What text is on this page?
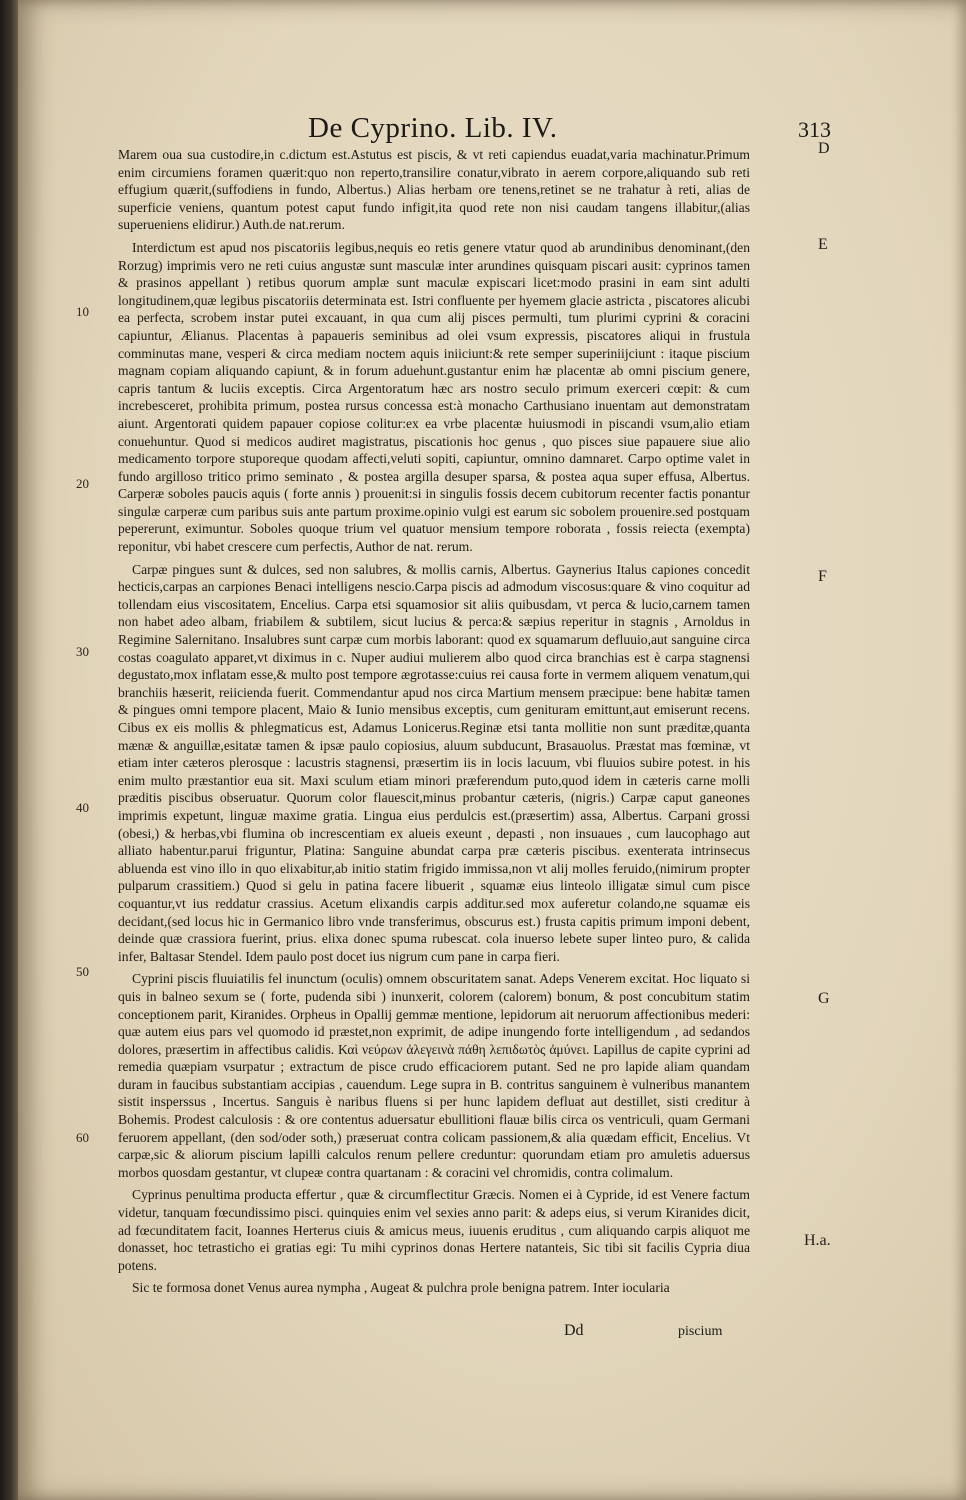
De Cyprino. Lib. IV.	313
D
E
F
G
H.a.
10
20
30
40
50
60

Marem oua sua custodire,in c.dictum est.Astutus est piscis, & vt reti capiendus euadat,varia machinatur.Primum enim circumiens foramen quærit:quo non reperto,transilire conatur,vibrato in aerem corpore,aliquando sub reti effugium quærit,(suffodiens in fundo, Albertus.) Alias herbam ore tenens,retinet se ne trahatur à reti, alias de superficie veniens, quantum potest caput fundo infigit,ita quod rete non nisi caudam tangens illabitur,(alias superueniens elidirur.) Auth.de nat.rerum.

Interdictum est apud nos piscatoriis legibus,nequis eo retis genere vtatur quod ab arundinibus denominant,(den Rorzug) imprimis vero ne reti cuius angustæ sunt masculæ inter arundines quisquam piscari ausit: cyprinos tamen & prasinos appellant ) retibus quorum amplæ sunt maculæ expiscari licet:modo prasini in eam sint adulti longitudinem,quæ legibus piscatoriis determinata est. Istri confluente per hyemem glacie astricta , piscatores alicubi ea perfecta, scrobem instar putei excauant, in qua cum alij pisces permulti, tum plurimi cyprini & coracini capiuntur, Ælianus. Placentas à papaueris seminibus ad olei vsum expressis, piscatores aliqui in frustula comminutas mane, vesperi & circa mediam noctem aquis iniiciunt:& rete semper superiniijciunt : itaque piscium magnam copiam aliquando capiunt, & in forum aduehunt.gustantur enim hæ placentæ ab omni piscium genere, capris tantum & luciis exceptis. Circa Argentoratum hæc ars nostro seculo primum exerceri cœpit: & cum increbesceret, prohibita primum, postea rursus concessa est:à monacho Carthusiano inuentam aut demonstratam aiunt. Argentorati quidem papauer copiose colitur:ex ea vrbe placentæ huiusmodi in piscandi vsum,alio etiam conuehuntur. Quod si medicos audiret magistratus, piscationis hoc genus , quo pisces siue papauere siue alio medicamento torpore stuporeque quodam affecti,veluti sopiti, capiuntur, omnino damnaret. Carpo optime valet in fundo argilloso tritico primo seminato , & postea argilla desuper sparsa, & postea aqua super effusa, Albertus. Carperæ soboles paucis aquis ( forte annis ) prouenit:si in singulis fossis decem cubitorum recenter factis ponantur singulæ carperæ cum paribus suis ante partum proxime.opinio vulgi est earum sic sobolem prouenire.sed postquam pepererunt, eximuntur. Soboles quoque trium vel quatuor mensium tempore roborata , fossis reiecta (exempta) reponitur, vbi habet crescere cum perfectis, Author de nat. rerum.

Carpæ pingues sunt & dulces, sed non salubres, & mollis carnis, Albertus. Gaynerius Italus capiones concedit hecticis,carpas an carpiones Benaci intelligens nescio.Carpa piscis ad admodum viscosus:quare & vino coquitur ad tollendam eius viscositatem, Encelius. Carpa etsi squamosior sit aliis quibusdam, vt perca & lucio,carnem tamen non habet adeo albam, friabilem & subtilem, sicut lucius & perca:& sæpius reperitur in stagnis , Arnoldus in Regimine Salernitano. Insalubres sunt carpæ cum morbis laborant: quod ex squamarum defluuio,aut sanguine circa costas coagulato apparet,vt diximus in c. Nuper audiui mulierem albo quod circa branchias est è carpa stagnensi degustato,mox inflatam esse,& multo post tempore ægrotasse:cuius rei causa forte in vermem aliquem venatum,qui branchiis hæserit, reiicienda fuerit. Commendantur apud nos circa Martium mensem præcipue: bene habitæ tamen & pingues omni tempore placent, Maio & Iunio mensibus exceptis, cum genituram emittunt,aut emiserunt recens. Cibus ex eis mollis & phlegmaticus est, Adamus Lonicerus.Reginæ etsi tanta mollitie non sunt præditæ,quanta mænæ & anguillæ,esitatæ tamen & ipsæ paulo copiosius, aluum subducunt, Brasauolus. Præstat mas fœminæ, vt etiam inter cæteros plerosque : lacustris stagnensi, præsertim iis in locis lacuum, vbi fluuios subire potest. in his enim multo præstantior eua sit. Maxi sculum etiam minori præferendum puto,quod idem in cæteris carne molli præditis piscibus obseruatur. Quorum color flauescit,minus probantur cæteris, (nigris.) Carpæ caput ganeones imprimis expetunt, linguæ maxime gratia. Lingua eius perdulcis est.(præsertim) assa, Albertus. Carpani grossi (obesi,) & herbas,vbi flumina ob increscentiam ex alueis exeunt , depasti , non insuaues , cum laucophago aut alliato habentur.parui friguntur, Platina: Sanguine abundat carpa præ cæteris piscibus. exenterata intrinsecus abluenda est vino illo in quo elixabitur,ab initio statim frigido immissa,non vt alij molles feruido,(nimirum propter pulparum crassitiem.) Quod si gelu in patina facere libuerit , squamæ eius linteolo illigatæ simul cum pisce coquantur,vt ius reddatur crassius. Acetum elixandis carpis additur.sed mox auferetur colando,ne squamæ eis decidant,(sed locus hic in Germanico libro vnde transferimus, obscurus est.) frusta capitis primum imponi debent, deinde quæ crassiora fuerint, prius. elixa donec spuma rubescat. cola inuerso lebete super linteo puro, & calida infer, Baltasar Stendel. Idem paulo post docet ius nigrum cum pane in carpa fieri.

Cyprini piscis fluuiatilis fel inunctum (oculis) omnem obscuritatem sanat. Adeps Venerem excitat. Hoc liquato si quis in balneo sexum se ( forte, pudenda sibi ) inunxerit, colorem (calorem) bonum, & post concubitum statim conceptionem parit, Kiranides. Orpheus in Opallij gemmæ mentione, lepidorum ait neruorum affectionibus mederi: quæ autem eius pars vel quomodo id præstet,non exprimit, de adipe inungendo forte intelligendum , ad sedandos dolores, præsertim in affectibus calidis. Καὶ νεύρων ἀλεγεινὰ πάθη λεπιδωτὸς ἀμύνει. Lapillus de capite cyprini ad remedia quæpiam vsurpatur ; extractum de pisce crudo efficaciorem putant. Sed ne pro lapide aliam quandam duram in faucibus substantiam accipias , cauendum. Lege supra in B. contritus sanguinem è vulneribus manantem sistit insperssus , Incertus. Sanguis è naribus fluens si per hunc lapidem defluat aut destillet, sisti creditur à Bohemis. Prodest calculosis : & ore contentus aduersatur ebullitioni flauæ bilis circa os ventriculi, quam Germani feruorem appellant, (den sod/oder soth,) præseruat contra colicam passionem,& alia quædam efficit, Encelius. Vt carpæ,sic & aliorum piscium lapilli calculos renum pellere creduntur: quorundam etiam pro amuletis aduersus morbos quosdam gestantur, vt clupeæ contra quartanam : & coracini vel chromidis, contra colimalum.

Cyprinus penultima producta effertur , quæ & circumflectitur Græcis. Nomen ei à Cypride, id est Venere factum videtur, tanquam fœcundissimo pisci. quinquies enim vel sexies anno parit: & adeps eius, si verum Kiranides dicit, ad fœcunditatem facit, Ioannes Herterus ciuis & amicus meus, iuuenis eruditus , cum aliquando carpis aliquot me donasset, hoc tetrasticho ei gratias egi: Tu mihi cyprinos donas Hertere natanteis, Sic tibi sit facilis Cypria diua potens.

Sic te formosa donet Venus aurea nympha , Augeat & pulchra prole benigna patrem. Inter iocularia

Dd	piscium
